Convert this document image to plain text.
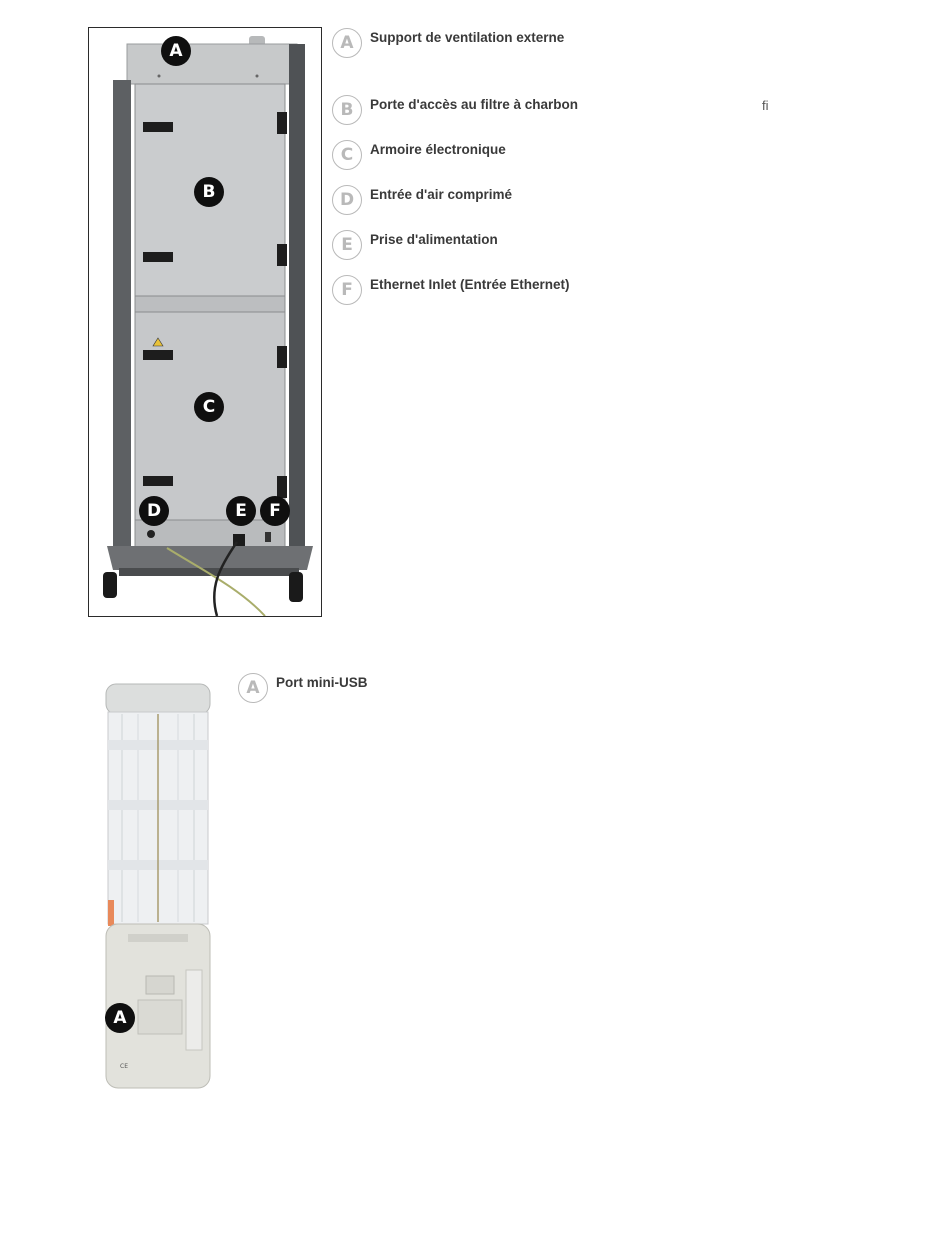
A
B
C
D	E	F
A	Support de ventilation externe
B	Porte d'accès au filtre à charbon
C	Armoire électronique
D	Entrée d'air comprimé
E	Prise d'alimentation
F	Ethernet Inlet (Entrée Ethernet)
fi
CE
A
A	Port mini-USB
